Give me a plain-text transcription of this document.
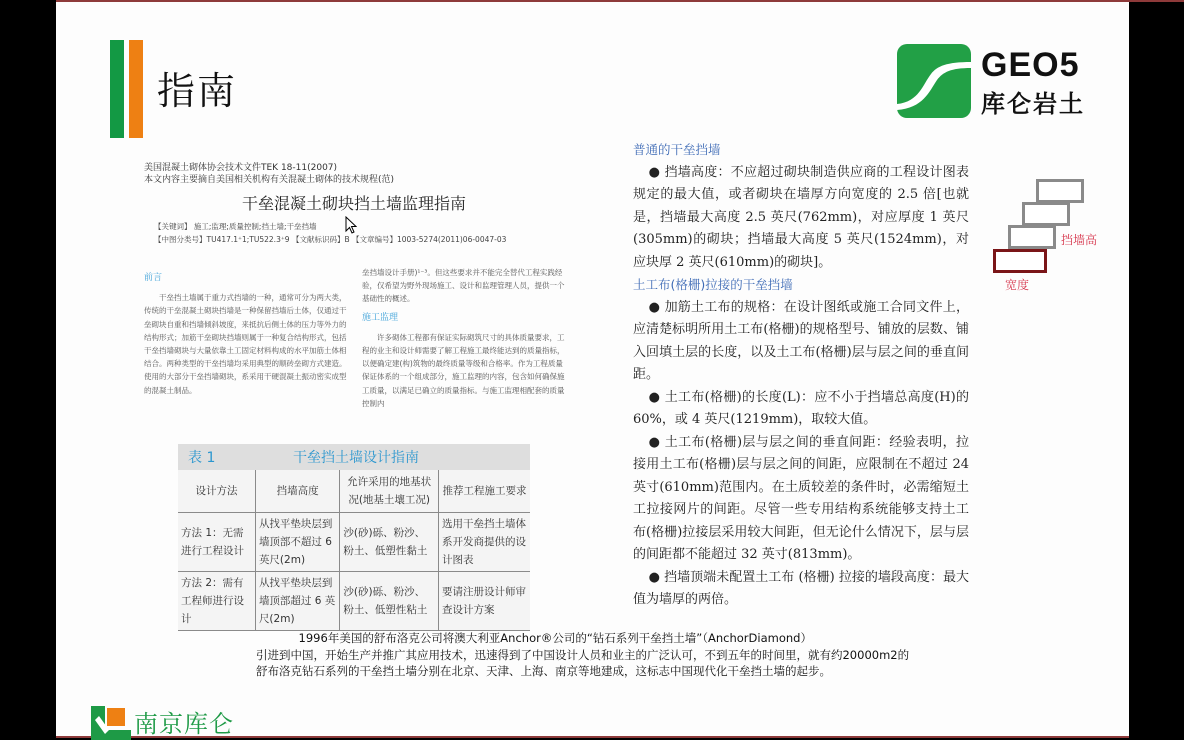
指南
GEO5
库仑岩土
美国混凝土砌体协会技术文件TEK 18-11(2007)
本文内容主要摘自美国相关机构有关混凝土砌体的技术规程(范)
干垒混凝土砌块挡土墙监理指南
【关键词】 施工;监理;质量控制;挡土墙;干垒挡墙
【中图分类号】TU417.1⁺1;TU522.3⁺9 【文献标识码】B 【文章编号】1003-5274(2011)06-0047-03
前言
干垒挡土墙属于重力式挡墙的一种，通常可分为两大类，传统的干垒混凝土砌块挡墙是一种保留挡墙后土体，仅通过干垒砌块自重和挡墙倾斜坡度，来抵抗后侧土体的压力等外力的结构形式；加筋干垒砌块挡墙则属于一种复合结构形式，包括干垒挡墙砌块与大量依靠土工固定材料构成的水平加筋土体相结合。两种类型的干垒挡墙均采用典型的顺砖垒砌方式建造。使用的大部分干垒挡墙砌块，系采用干硬混凝土振动密实成型的混凝土制品。
垒挡墙设计手册)¹⁻³。但这些要求并不能完全替代工程实践经验，仅希望为野外现场施工、设计和监理管理人员，提供一个基础性的概述。
施工监理
许多砌体工程都有保证实际砌筑尺寸的具体质量要求，工程的业主和设计师需要了解工程施工最终能达到的质量指标，以便确定建(构)筑物的最终质量等级和合格率。作为工程质量保证体系的一个组成部分，施工监理的内容，包含如何确保施工质量，以满足已确立的质量指标。与施工监理相配套的质量控制内
表 1	干垒挡土墙设计指南
设计方法	挡墙高度	允许采用的地基状况(地基土壤工况)	推荐工程施工要求
方法 1：无需进行工程设计	从找平垫块层到墙顶部不超过 6 英尺(2m)	沙(砂)砾、粉沙、粉土、低塑性黏土	选用干垒挡土墙体系开发商提供的设计图表
方法 2：需有工程师进行设计	从找平垫块层到墙顶部超过 6 英尺(2m)	沙(砂)砾、粉沙、粉土、低塑性粘土	要请注册设计师审查设计方案
普通的干垒挡墙

● 挡墙高度：不应超过砌块制造供应商的工程设计图表规定的最大值，或者砌块在墙厚方向宽度的 2.5 倍[也就是，挡墙最大高度 2.5 英尺(762mm)，对应厚度 1 英尺(305mm)的砌块；挡墙最大高度 5 英尺(1524mm)，对应块厚 2 英尺(610mm)的砌块]。

土工布(格栅)拉接的干垒挡墙

● 加筋土工布的规格：在设计图纸或施工合同文件上，应清楚标明所用土工布(格栅)的规格型号、铺放的层数、铺入回填土层的长度，以及土工布(格栅)层与层之间的垂直间距。

● 土工布(格栅)的长度(L)：应不小于挡墙总高度(H)的 60%，或 4 英尺(1219mm)，取较大值。

● 土工布(格栅)层与层之间的垂直间距：经验表明，拉接用土工布(格栅)层与层之间的间距，应限制在不超过 24 英寸(610mm)范围内。在土质较差的条件时，必需缩短土工拉接网片的间距。尽管一些专用结构系统能够支持土工布(格栅)拉接层采用较大间距，但无论什么情况下，层与层的间距都不能超过 32 英寸(813mm)。

● 挡墙顶端未配置土工布 (格栅) 拉接的墙段高度：最大值为墙厚的两倍。

挡墙高
宽度
1996年美国的舒布洛克公司将澳大利亚Anchor®公司的“钻石系列干垒挡土墙”（AnchorDiamond）
引进到中国，开始生产并推广其应用技术，迅速得到了中国设计人员和业主的广泛认可，不到五年的时间里，就有约20000m2的舒布洛克钻石系列的干垒挡土墙分别在北京、天津、上海、南京等地建成，这标志中国现代化干垒挡土墙的起步。
南京库仑
